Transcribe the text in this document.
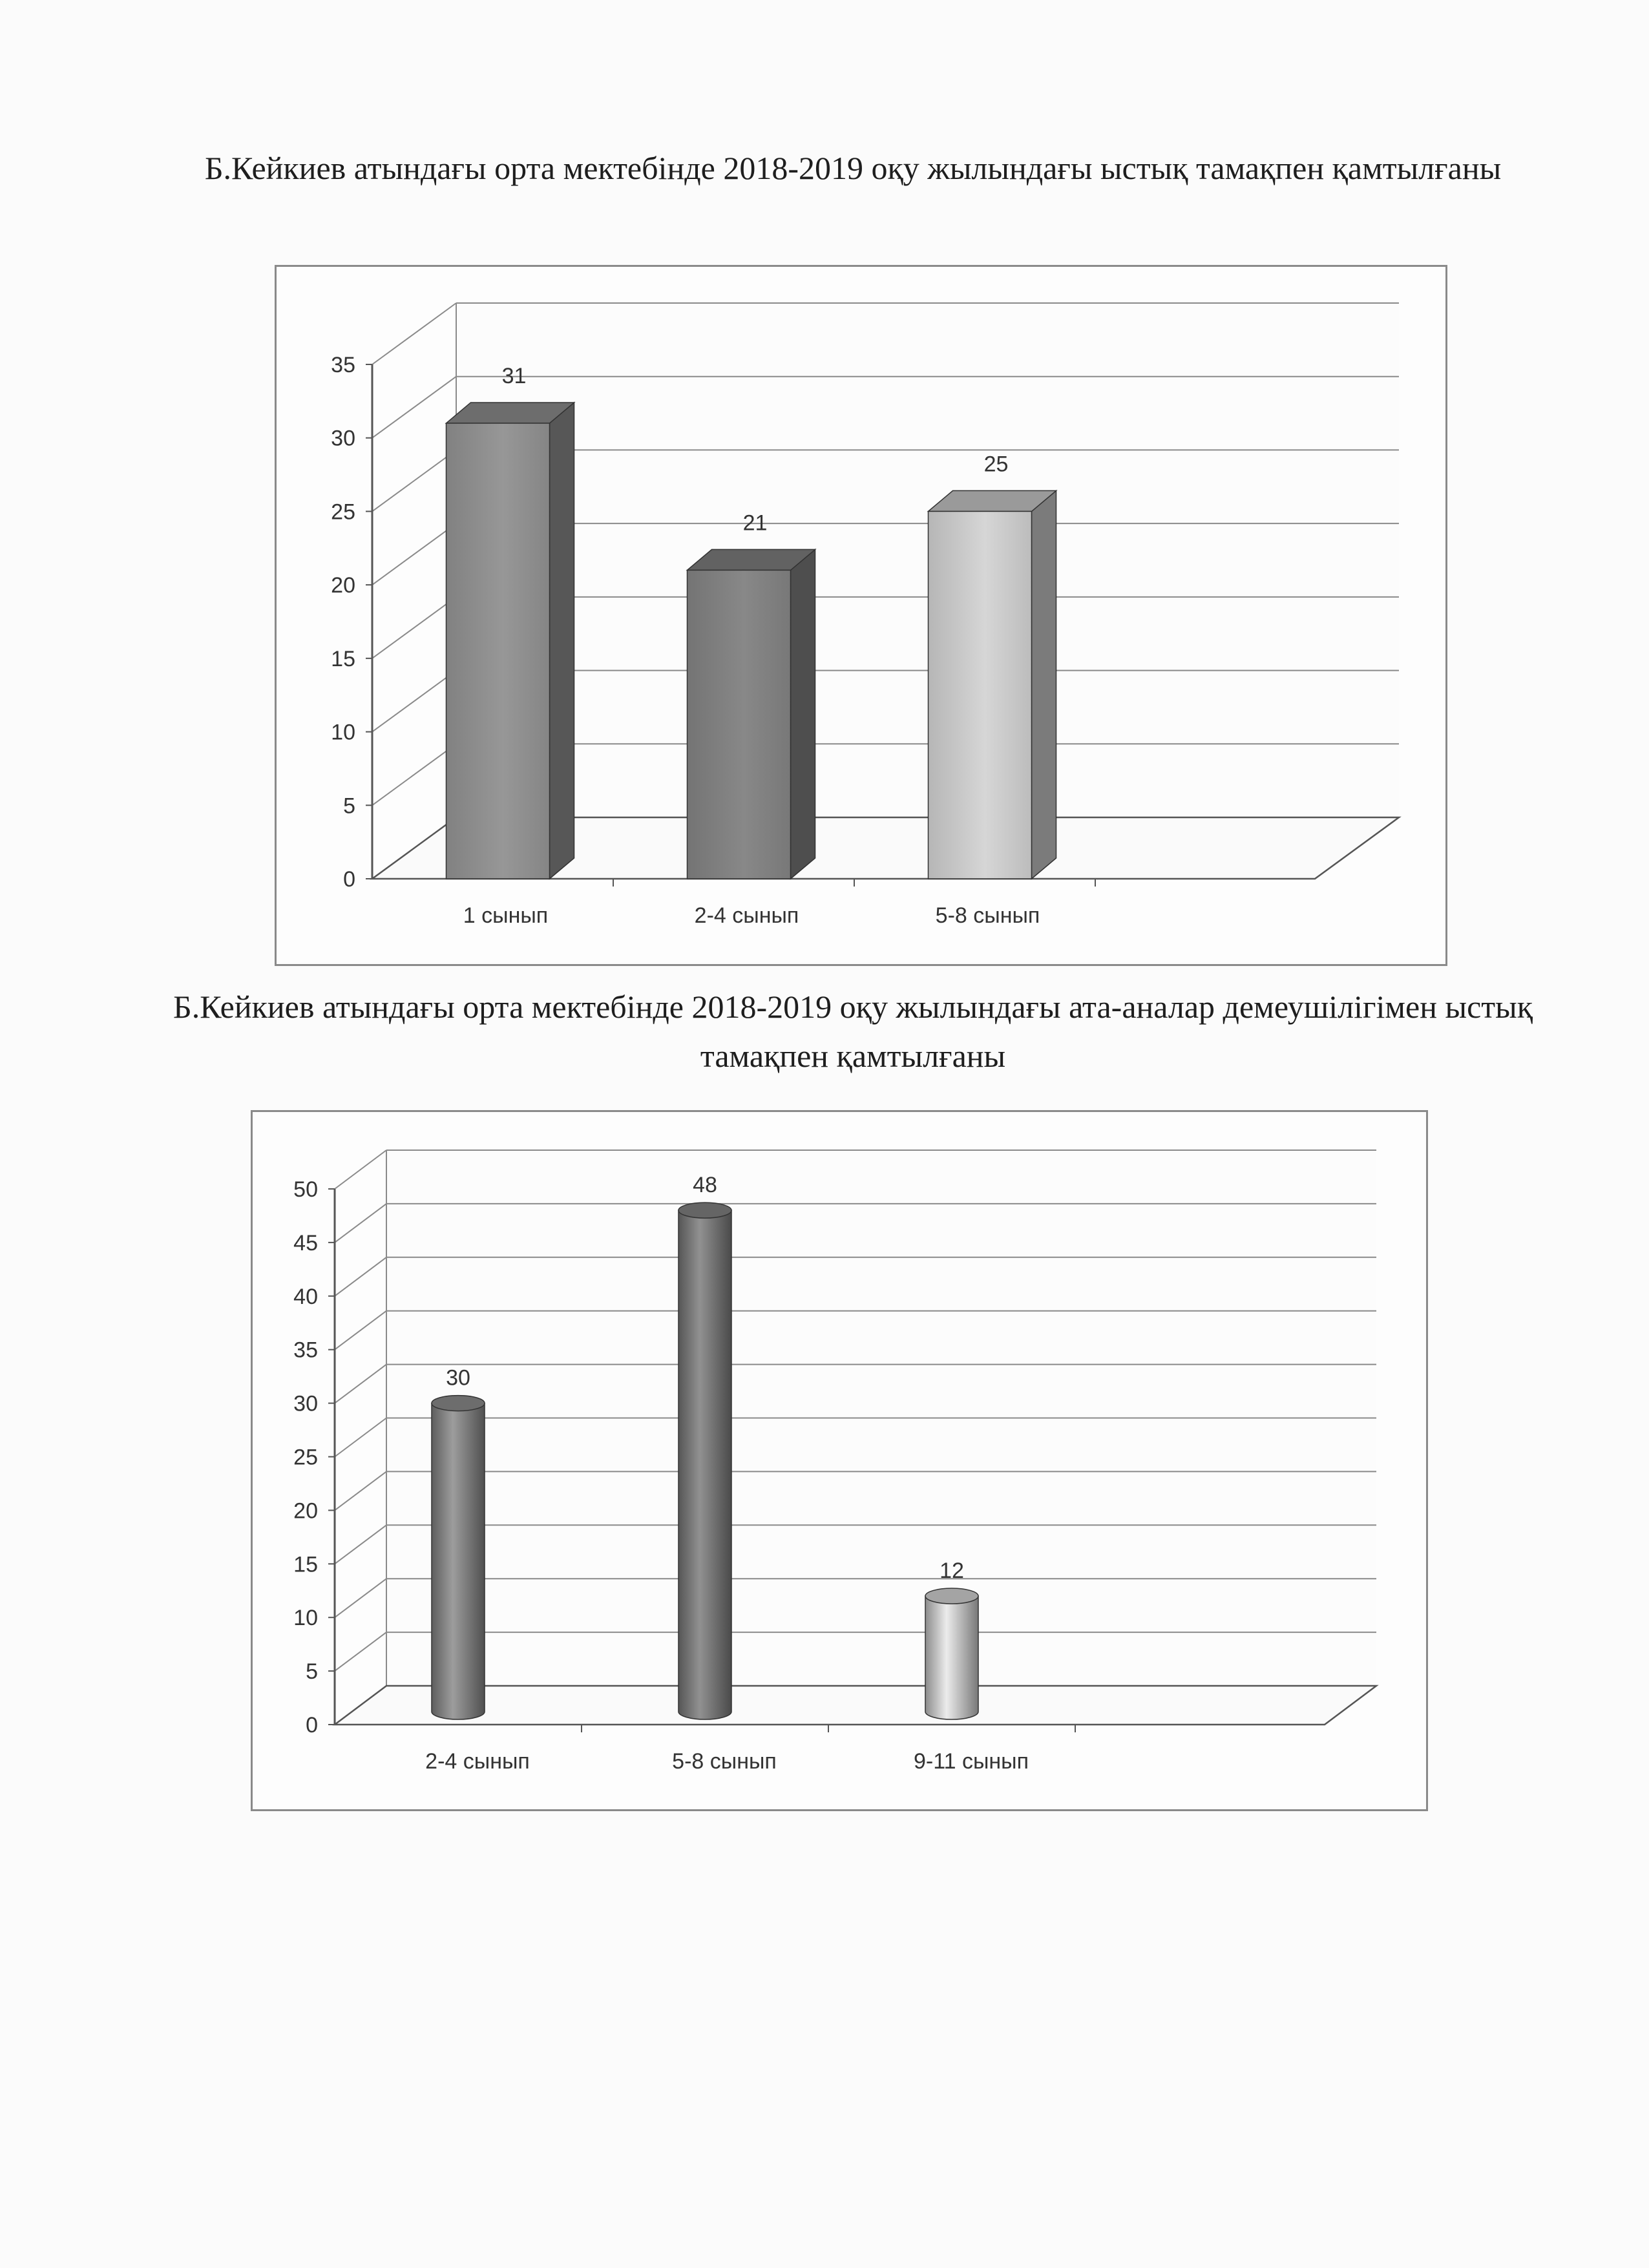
Б.Кейкиев атындағы орта мектебінде 2018-2019 оқу жылындағы ыстық тамақпен қамтылғаны
Б.Кейкиев атындағы орта мектебінде 2018-2019 оқу жылындағы ата-аналар демеушілігімен ыстық тамақпен қамтылғаны
0
5
10
15
20
25
30
35
1 сынып	2-4 сынып	5-8 сынып
31
21
25
0
5
10
15
20
25
30
35
40
45
50
2-4 сынып	5-8 сынып	9-11 сынып
30
48
12
